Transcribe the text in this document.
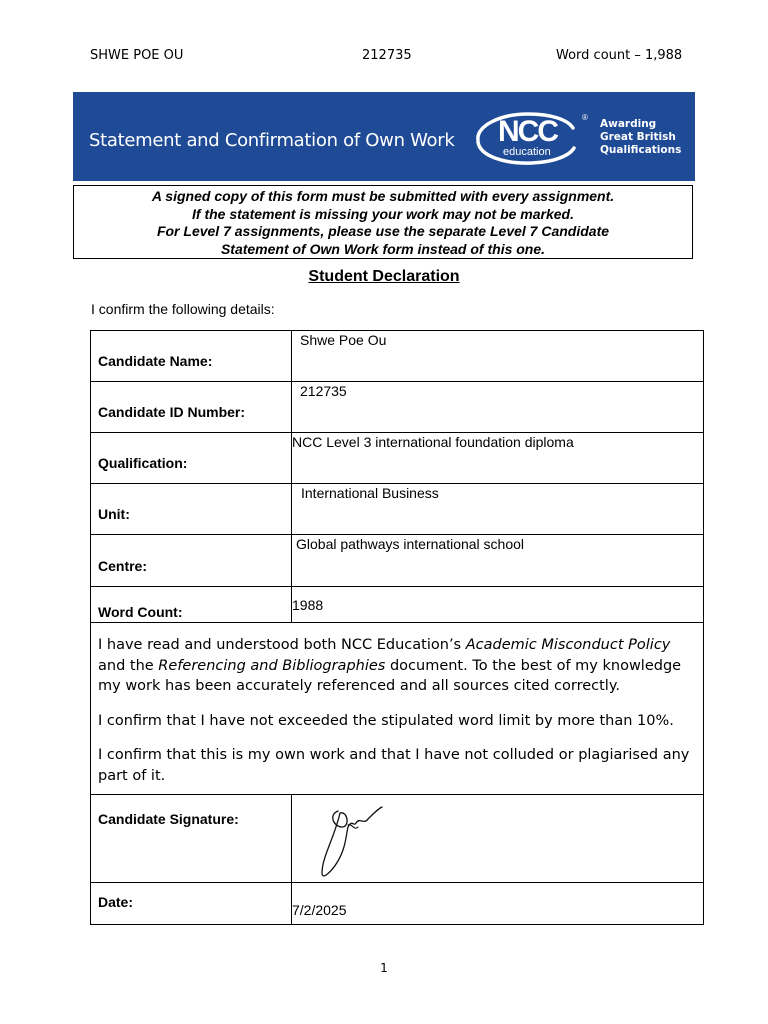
SHWE POE OU	212735	Word count – 1,988
Statement and Confirmation of Own Work NCC
education
®
Awarding
Great British
Qualifications
A signed copy of this form must be submitted with every assignment.
If the statement is missing your work may not be marked.
For Level 7 assignments, please use the separate Level 7 Candidate
Statement of Own Work form instead of this one.
Student Declaration
I confirm the following details:
Candidate Name:	Shwe Poe Ou

Candidate ID Number:	212735

Qualification:	NCC Level 3 international foundation diploma

Unit:	International Business

Centre:	Global pathways international school

Word Count:	1988

I have read and understood both NCC Education’s Academic Misconduct Policy and the Referencing and Bibliographies document. To the best of my knowledge my work has been accurately referenced and all sources cited correctly.

I confirm that I have not exceeded the stipulated word limit by more than 10%.

I confirm that this is my own work and that I have not colluded or plagiarised any part of it.	

Candidate Signature:

Date:	7/2/2025
1
